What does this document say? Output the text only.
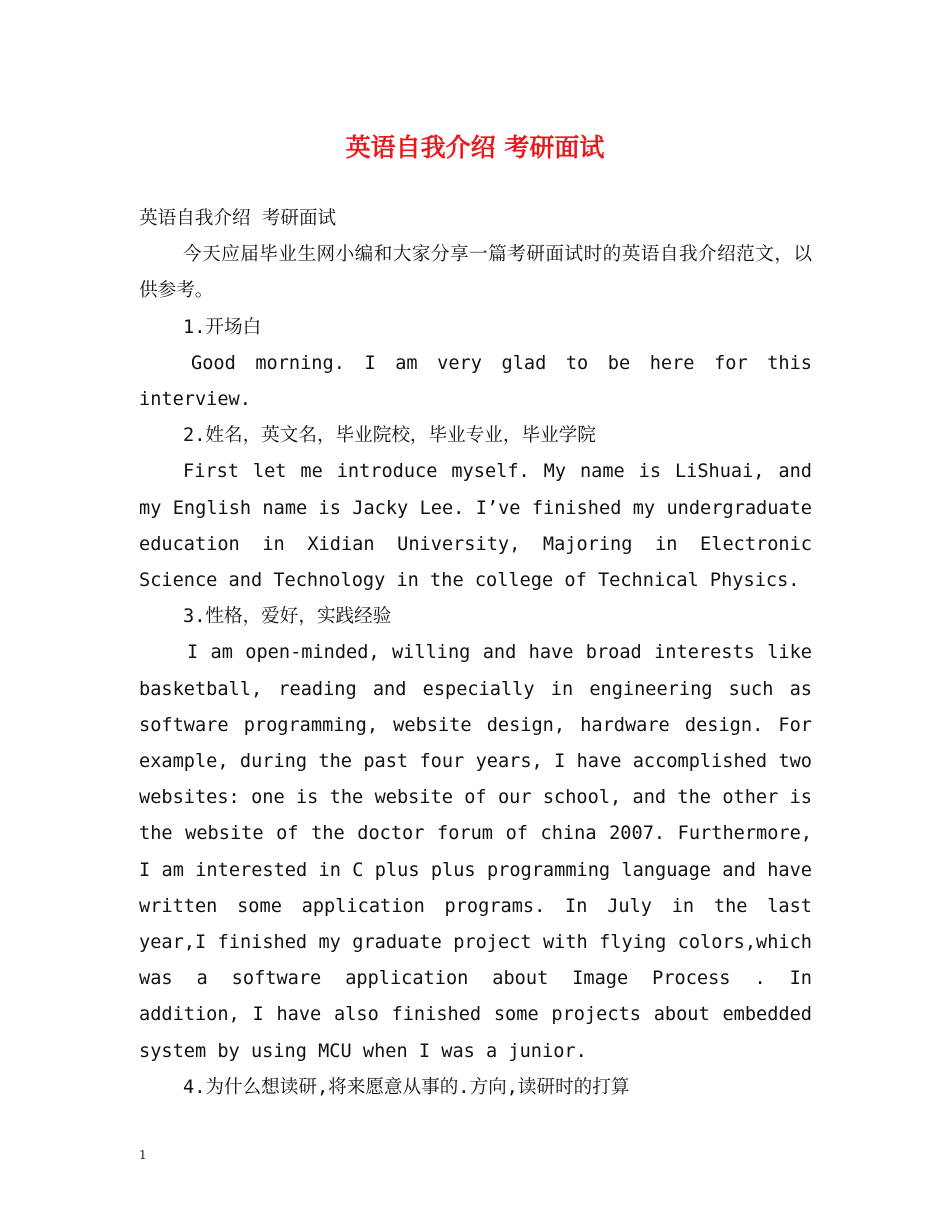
英语自我介绍 考研面试

英语自我介绍 考研面试

今天应届毕业生网小编和大家分享一篇考研面试时的英语自我介绍范文，以供参考。

1.开场白

Good morning. I am very glad to be here for this interview.

2.姓名，英文名，毕业院校，毕业专业，毕业学院

First let me introduce myself. My name is LiShuai, and my English name is Jacky Lee. I’ve finished my undergraduate education in Xidian University, Majoring in Electronic Science and Technology in the college of Technical Physics.

3.性格，爱好，实践经验

I am open-minded, willing and have broad interests like basketball, reading and especially in engineering such as software programming, website design, hardware design. For example, during the past four years, I have accomplished two websites: one is the website of our school, and the other is the website of the doctor forum of china 2007. Furthermore, I am interested in C plus plus programming language and have written some application programs. In July in the last year,I finished my graduate project with flying colors,which was a software application about Image Process . In addition, I have also finished some projects about embedded system by using MCU when I was a junior.

4.为什么想读研,将来愿意从事的.方向,读研时的打算

1
